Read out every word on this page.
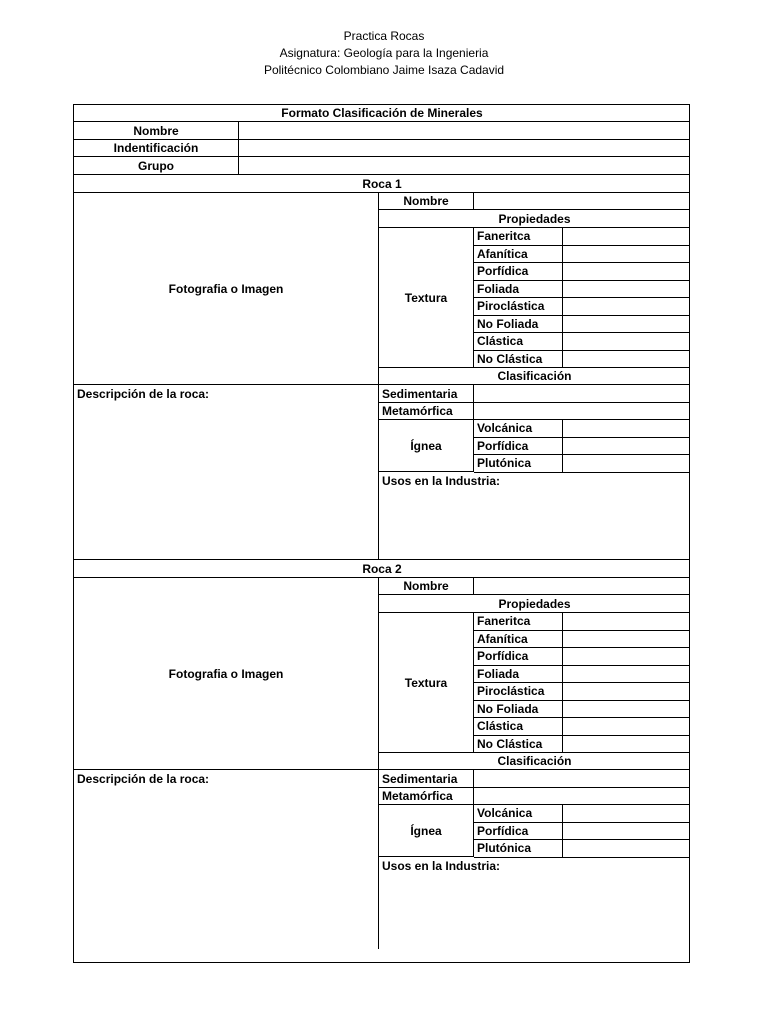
Practica Rocas
Asignatura: Geología para la Ingenieria
Politécnico Colombiano Jaime Isaza Cadavid
Formato Clasificación de Minerales
Nombre
Indentificación
Grupo
Roca 1
Fotografia o Imagen
Nombre
Propiedades
Textura
Faneritca
Afanítica
Porfídica
Foliada
Piroclástica
No Foliada
Clástica
No Clástica
Clasificación
Descripción de la roca:	Sedimentaria
Metamórfica
Ígnea
Volcánica
Porfídica
Plutónica
Usos en la Industria:
Roca 2
Fotografia o Imagen
Nombre
Propiedades
Textura
Faneritca
Afanítica
Porfídica
Foliada
Piroclástica
No Foliada
Clástica
No Clástica
Clasificación
Descripción de la roca:	Sedimentaria
Metamórfica
Ígnea
Volcánica
Porfídica
Plutónica
Usos en la Industria:
